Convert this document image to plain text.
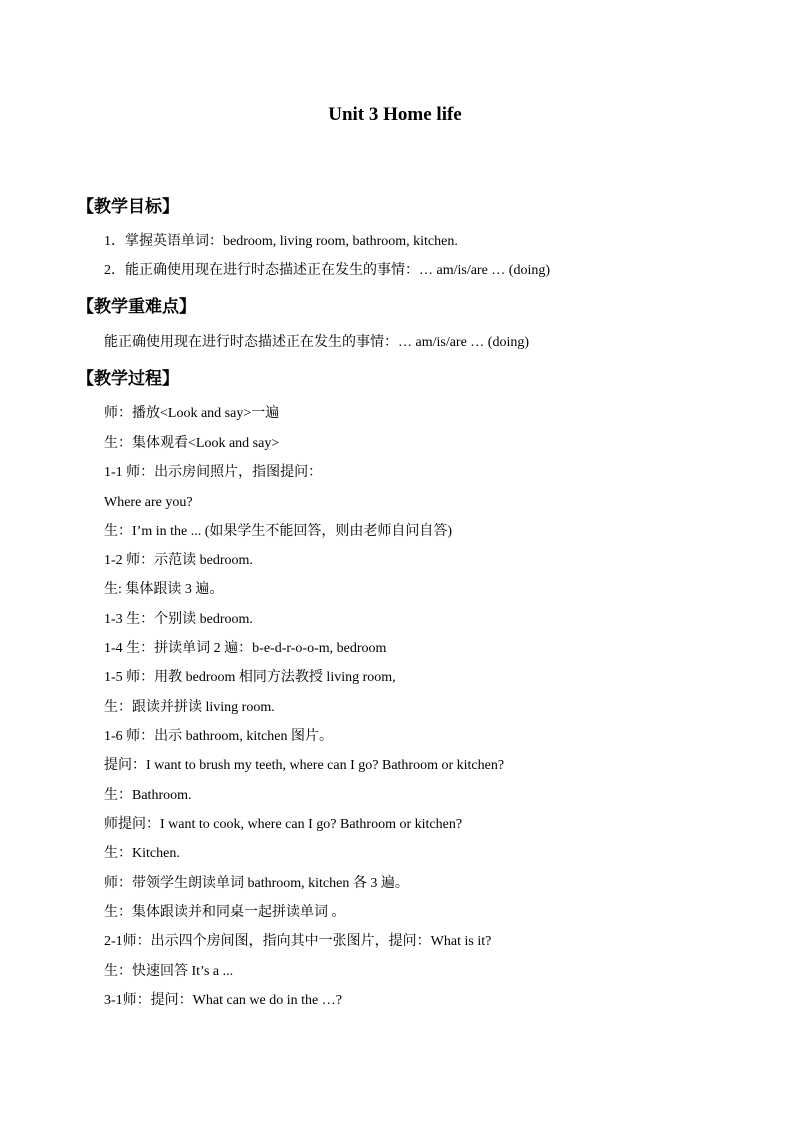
Unit 3 Home life
【教学目标】
1．掌握英语单词：bedroom, living room, bathroom, kitchen.
2．能正确使用现在进行时态描述正在发生的事情：… am/is/are … (doing)
【教学重难点】
能正确使用现在进行时态描述正在发生的事情：… am/is/are … (doing)
【教学过程】
师：播放<Look and say>一遍
生：集体观看<Look and say>
1-1 师：出示房间照片，指图提问：
Where are you?
生：I’m in the ... (如果学生不能回答，则由老师自问自答)
1-2 师：示范读 bedroom.
生: 集体跟读 3 遍。
1-3 生：个别读 bedroom.
1-4 生：拼读单词 2 遍：b-e-d-r-o-o-m, bedroom
1-5 师：用教 bedroom 相同方法教授 living room,
生：跟读并拼读 living room.
1-6 师：出示 bathroom, kitchen 图片。
提问：I want to brush my teeth, where can I go? Bathroom or kitchen?
生：Bathroom.
师提问：I want to cook, where can I go? Bathroom or kitchen?
生：Kitchen.
师：带领学生朗读单词 bathroom, kitchen 各 3 遍。
生：集体跟读并和同桌一起拼读单词 。
2-1师：出示四个房间图，指向其中一张图片，提问：What is it?
生：快速回答 It’s a ...
3-1师：提问：What can we do in the …?
